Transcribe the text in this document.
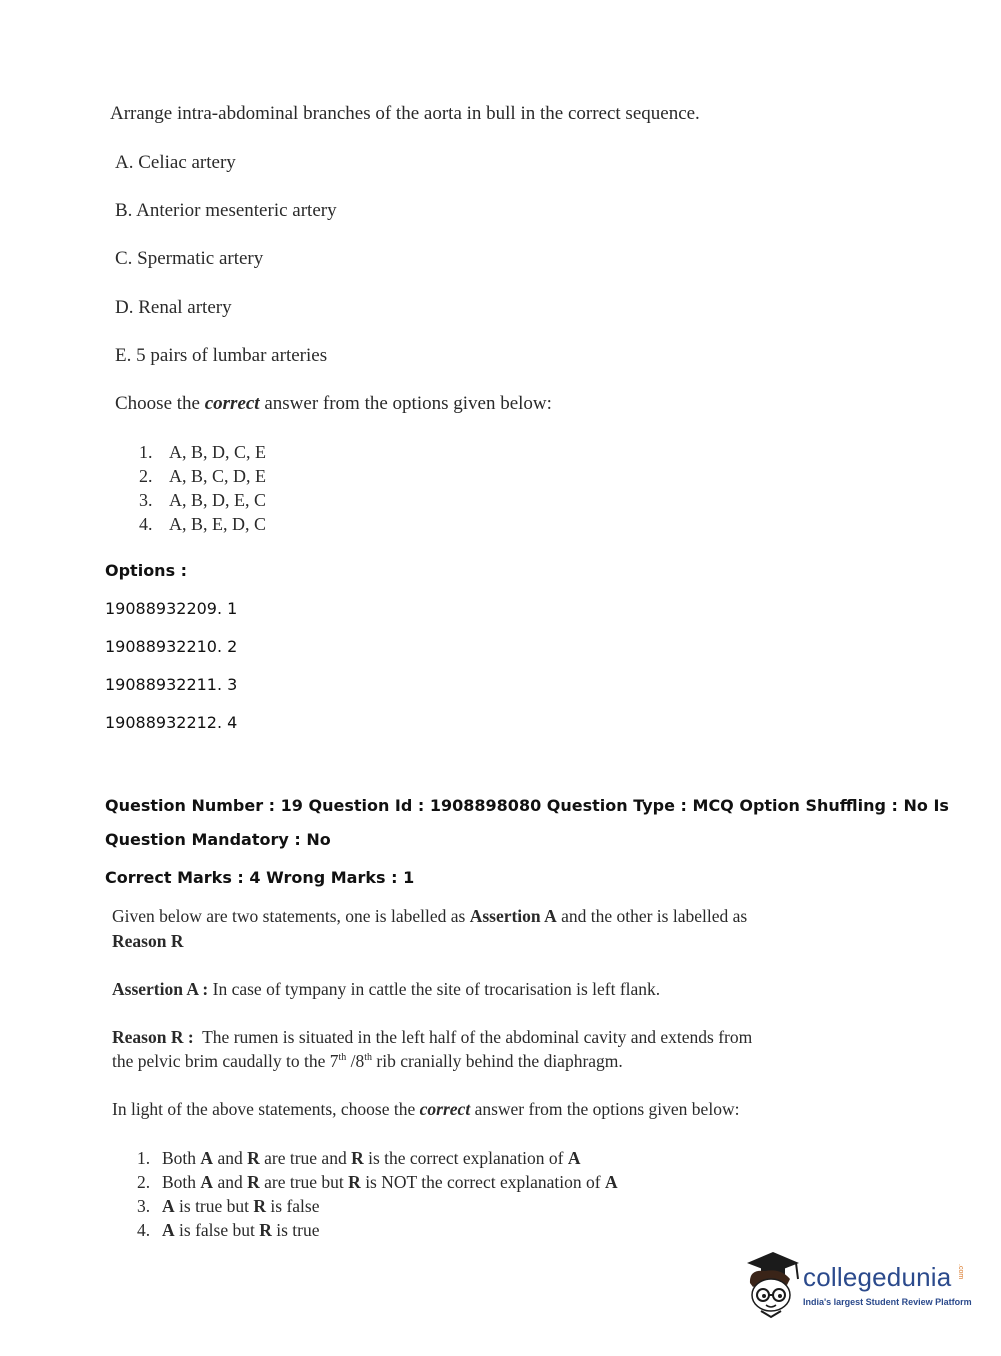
Arrange intra-abdominal branches of the aorta in bull in the correct sequence.
A. Celiac artery
B. Anterior mesenteric artery
C. Spermatic artery
D. Renal artery
E. 5 pairs of lumbar arteries
Choose the correct answer from the options given below:
1. A, B, D, C, E
2. A, B, C, D, E
3. A, B, D, E, C
4. A, B, E, D, C
Options :
19088932209. 1
19088932210. 2
19088932211. 3
19088932212. 4
Question Number : 19 Question Id : 1908898080 Question Type : MCQ Option Shuffling : No Is
Question Mandatory : No
Correct Marks : 4 Wrong Marks : 1
Given below are two statements, one is labelled as Assertion A and the other is labelled as
Reason R
Assertion A : In case of tympany in cattle the site of trocarisation is left flank.
Reason R :  The rumen is situated in the left half of the abdominal cavity and extends from
the pelvic brim caudally to the 7th /8th rib cranially behind the diaphragm.
In light of the above statements, choose the correct answer from the options given below:
1. Both A and R are true and R is the correct explanation of A
2. Both A and R are true but R is NOT the correct explanation of A
3. A is true but R is false
4. A is false but R is true
collegedunia .com
India's largest Student Review Platform
